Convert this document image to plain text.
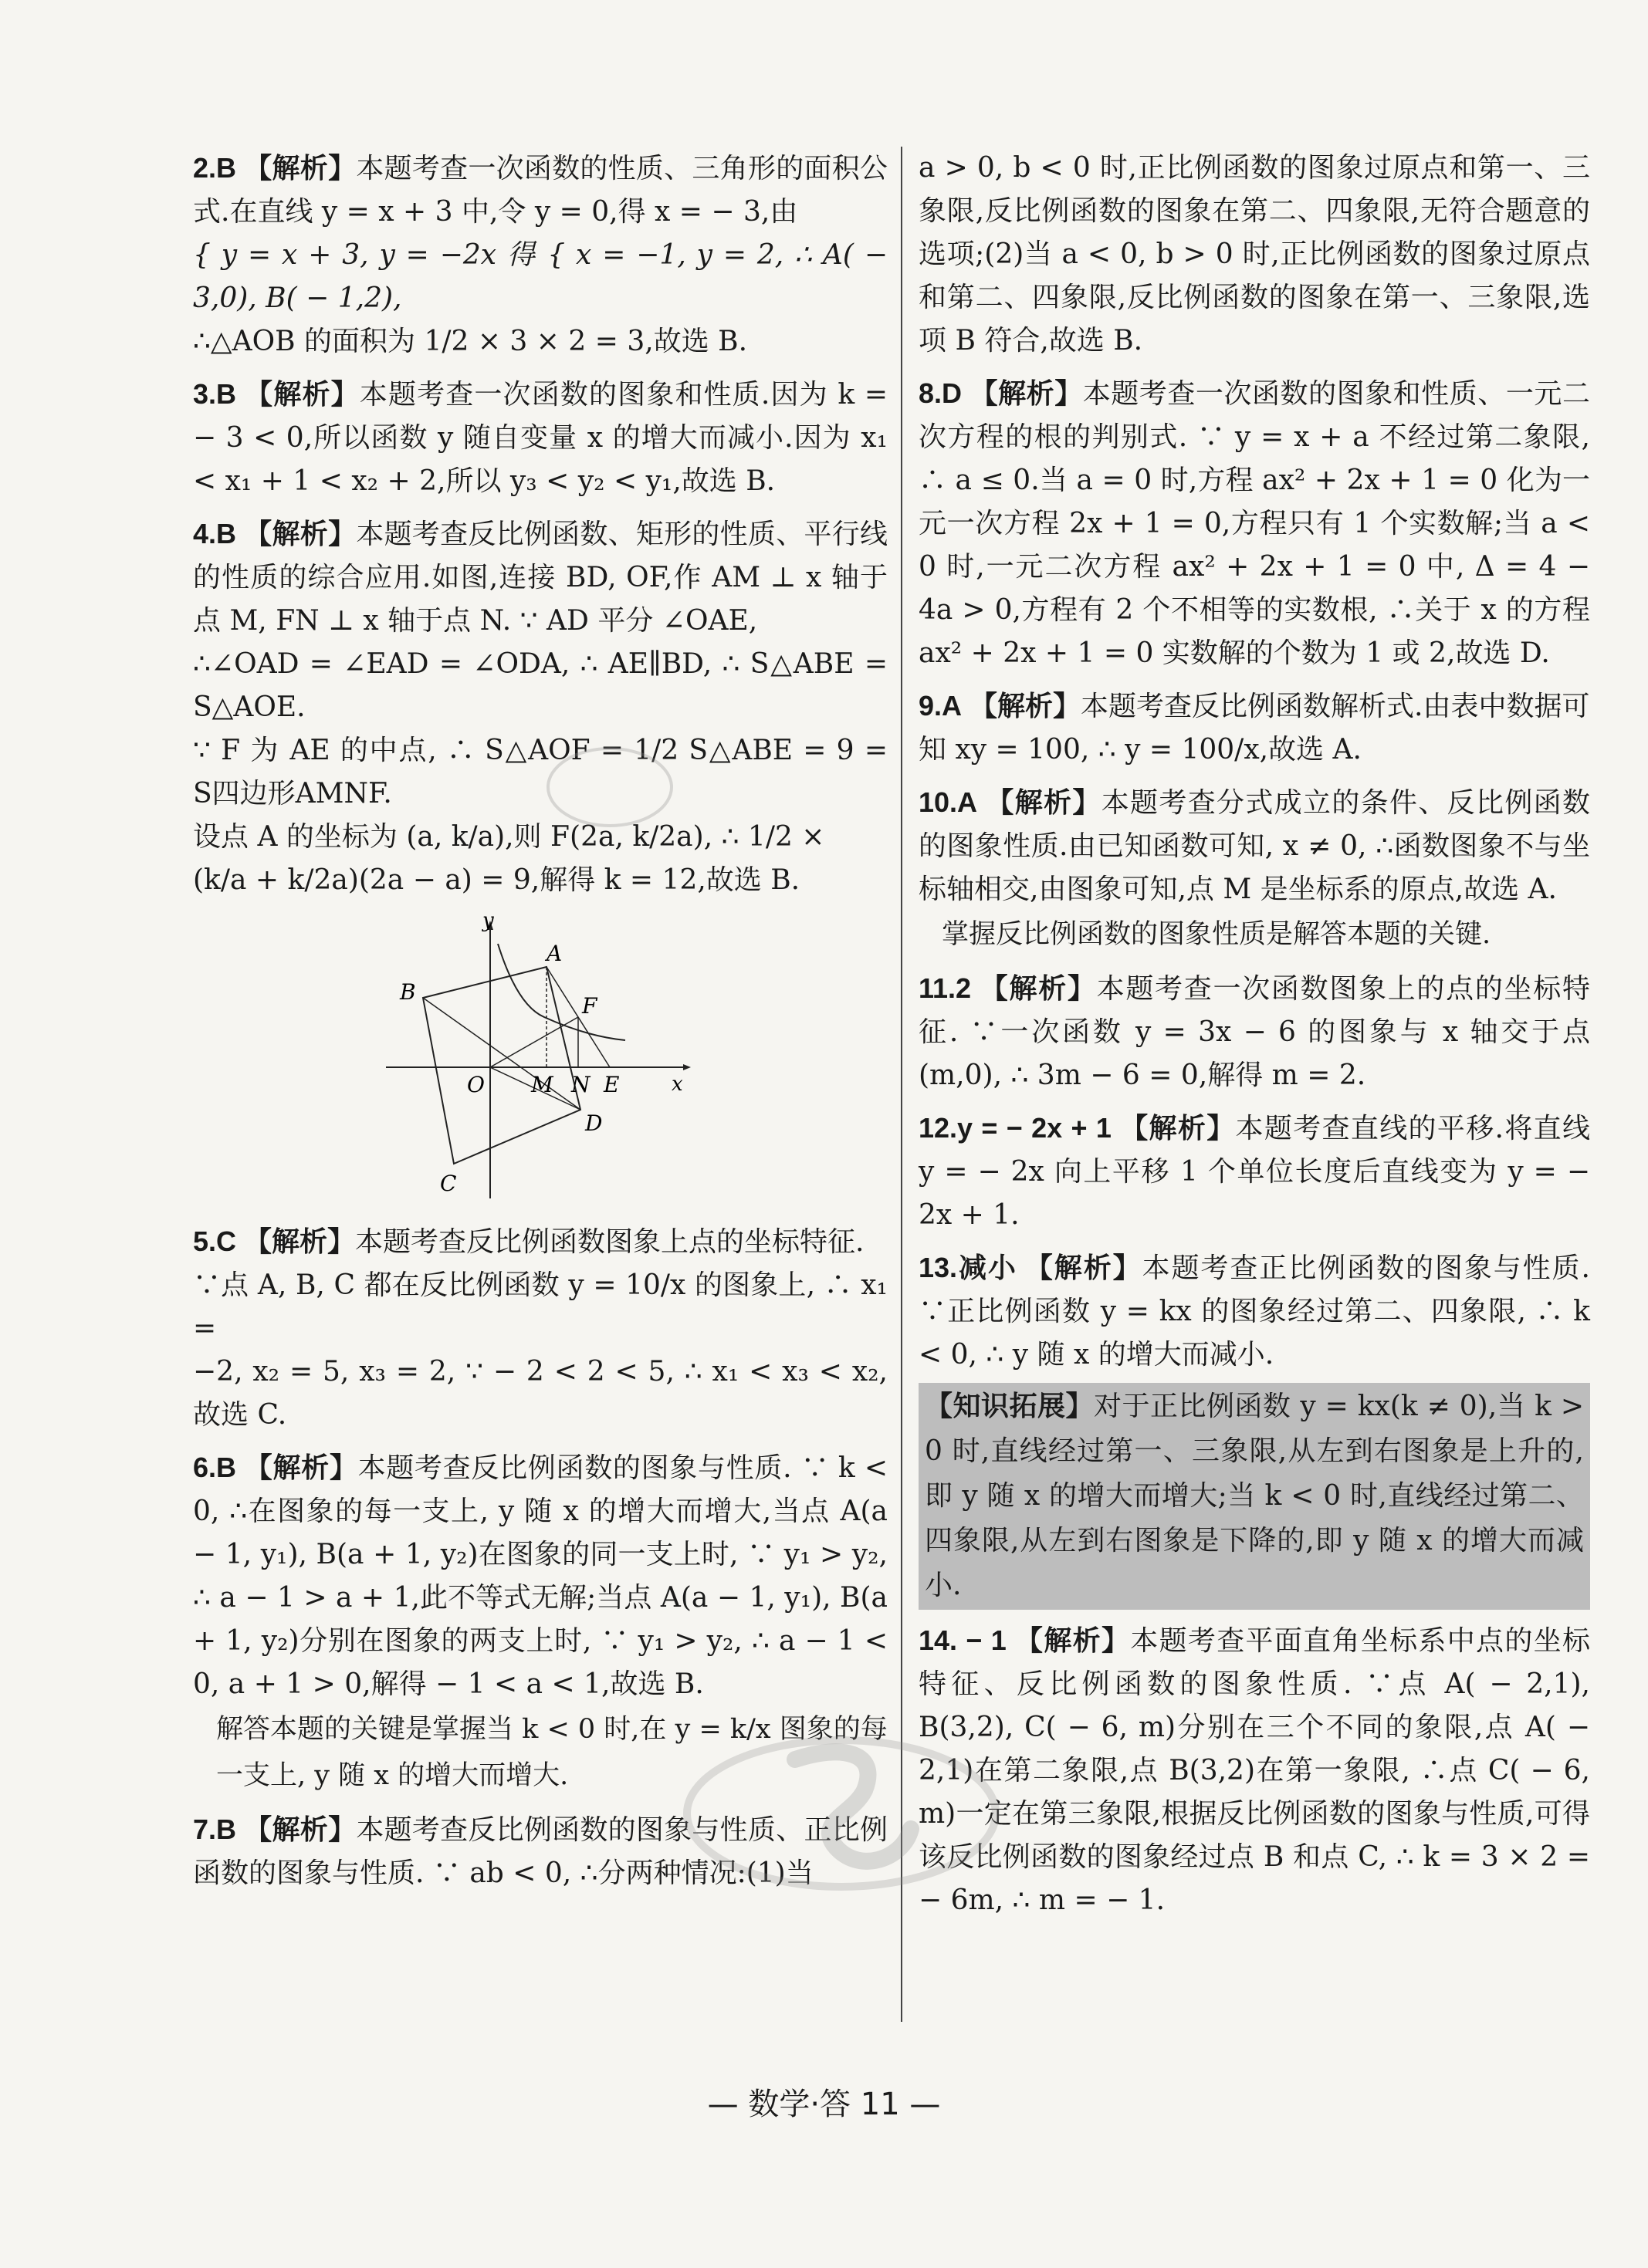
2.B 【解析】本题考查一次函数的性质、三角形的面积公式.在直线 y = x + 3 中,令 y = 0,得 x = − 3,由

{ y = x + 3, y = −2x 得 { x = −1, y = 2, ∴ A( − 3,0), B( − 1,2),

∴△AOB 的面积为 1/2 × 3 × 2 = 3,故选 B.

3.B 【解析】本题考查一次函数的图象和性质.因为 k = − 3 < 0,所以函数 y 随自变量 x 的增大而减小.因为 x₁ < x₁ + 1 < x₂ + 2,所以 y₃ < y₂ < y₁,故选 B.

4.B 【解析】本题考查反比例函数、矩形的性质、平行线的性质的综合应用.如图,连接 BD, OF,作 AM ⊥ x 轴于点 M, FN ⊥ x 轴于点 N. ∵ AD 平分 ∠OAE,

∴∠OAD = ∠EAD = ∠ODA, ∴ AE∥BD, ∴ S△ABE = S△AOE.

∵ F 为 AE 的中点, ∴ S△AOF = 1/2 S△ABE = 9 = S四边形AMNF.

设点 A 的坐标为 (a, k/a),则 F(2a, k/2a), ∴ 1/2 ×

(k/a + k/2a)(2a − a) = 9,解得 k = 12,故选 B.

y
A
B
F
O M N E	x
D
C

5.C 【解析】本题考查反比例函数图象上点的坐标特征.

∵点 A, B, C 都在反比例函数 y = 10/x 的图象上, ∴ x₁ =

−2, x₂ = 5, x₃ = 2, ∵ − 2 < 2 < 5, ∴ x₁ < x₃ < x₂,故选 C.

6.B 【解析】本题考查反比例函数的图象与性质. ∵ k < 0, ∴在图象的每一支上, y 随 x 的增大而增大,当点 A(a − 1, y₁), B(a + 1, y₂)在图象的同一支上时, ∵ y₁ > y₂, ∴ a − 1 > a + 1,此不等式无解;当点 A(a − 1, y₁), B(a + 1, y₂)分别在图象的两支上时, ∵ y₁ > y₂, ∴ a − 1 < 0, a + 1 > 0,解得 − 1 < a < 1,故选 B.

解答本题的关键是掌握当 k < 0 时,在 y = k/x 图象的每

一支上, y 随 x 的增大而增大.

7.B 【解析】本题考查反比例函数的图象与性质、正比例函数的图象与性质. ∵ ab < 0, ∴分两种情况:(1)当

a > 0, b < 0 时,正比例函数的图象过原点和第一、三象限,反比例函数的图象在第二、四象限,无符合题意的选项;(2)当 a < 0, b > 0 时,正比例函数的图象过原点和第二、四象限,反比例函数的图象在第一、三象限,选项 B 符合,故选 B.

8.D 【解析】本题考查一次函数的图象和性质、一元二次方程的根的判别式. ∵ y = x + a 不经过第二象限, ∴ a ≤ 0.当 a = 0 时,方程 ax² + 2x + 1 = 0 化为一元一次方程 2x + 1 = 0,方程只有 1 个实数解;当 a < 0 时,一元二次方程 ax² + 2x + 1 = 0 中, Δ = 4 − 4a > 0,方程有 2 个不相等的实数根, ∴关于 x 的方程 ax² + 2x + 1 = 0 实数解的个数为 1 或 2,故选 D.

9.A 【解析】本题考查反比例函数解析式.由表中数据可

知 xy = 100, ∴ y = 100/x,故选 A.

10.A 【解析】本题考查分式成立的条件、反比例函数的图象性质.由已知函数可知, x ≠ 0, ∴函数图象不与坐标轴相交,由图象可知,点 M 是坐标系的原点,故选 A.

掌握反比例函数的图象性质是解答本题的关键.

11.2 【解析】本题考查一次函数图象上的点的坐标特征. ∵一次函数 y = 3x − 6 的图象与 x 轴交于点(m,0), ∴ 3m − 6 = 0,解得 m = 2.

12.y = − 2x + 1 【解析】本题考查直线的平移.将直线 y = − 2x 向上平移 1 个单位长度后直线变为 y = − 2x + 1.

13.减小 【解析】本题考查正比例函数的图象与性质. ∵正比例函数 y = kx 的图象经过第二、四象限, ∴ k < 0, ∴ y 随 x 的增大而减小.

【知识拓展】对于正比例函数 y = kx(k ≠ 0),当 k > 0 时,直线经过第一、三象限,从左到右图象是上升的,即 y 随 x 的增大而增大;当 k < 0 时,直线经过第二、四象限,从左到右图象是下降的,即 y 随 x 的增大而减小.

14. − 1 【解析】本题考查平面直角坐标系中点的坐标特征、反比例函数的图象性质. ∵点 A( − 2,1), B(3,2), C( − 6, m)分别在三个不同的象限,点 A( − 2,1)在第二象限,点 B(3,2)在第一象限, ∴点 C( − 6, m)一定在第三象限,根据反比例函数的图象与性质,可得该反比例函数的图象经过点 B 和点 C, ∴ k = 3 × 2 = − 6m, ∴ m = − 1.

— 数学·答 11 —
